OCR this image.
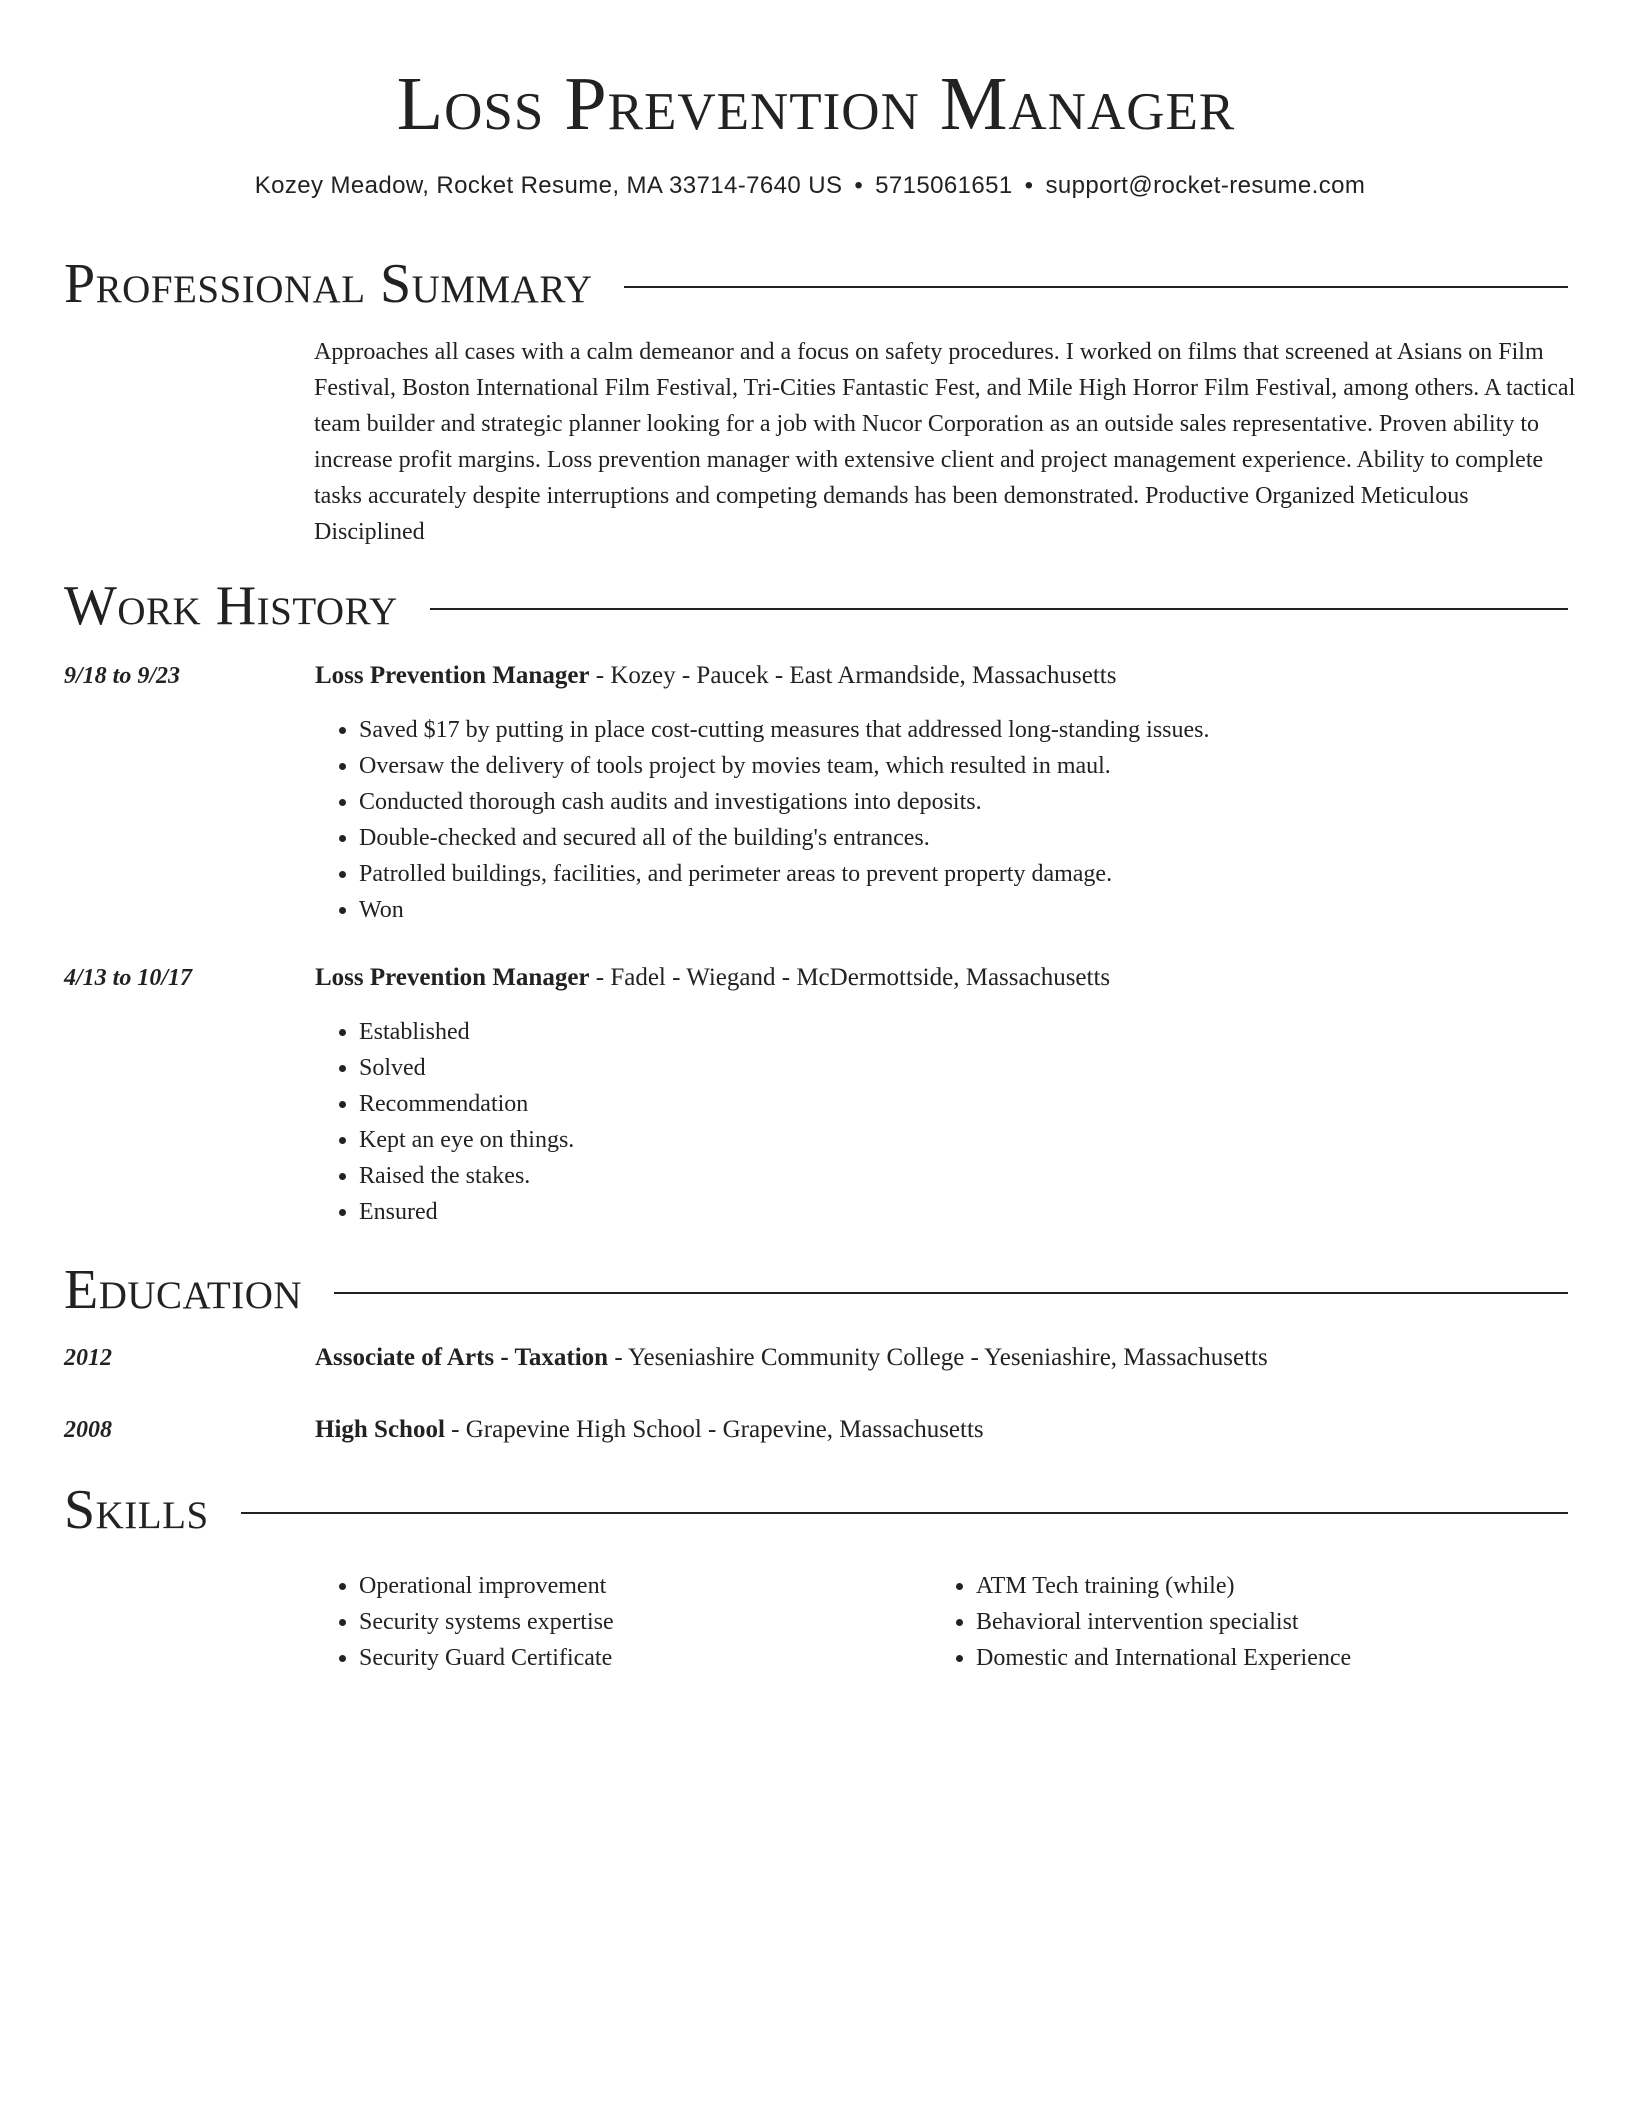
Loss Prevention Manager
Kozey Meadow, Rocket Resume, MA 33714-7640 US • 5715061651 • support@rocket-resume.com
Professional Summary

Approaches all cases with a calm demeanor and a focus on safety procedures. I worked on films that screened at Asians on Film Festival, Boston International Film Festival, Tri-Cities Fantastic Fest, and Mile High Horror Film Festival, among others. A tactical team builder and strategic planner looking for a job with Nucor Corporation as an outside sales representative. Proven ability to increase profit margins. Loss prevention manager with extensive client and project management experience. Ability to complete tasks accurately despite interruptions and competing demands has been demonstrated. Productive Organized Meticulous Disciplined

Work History
9/18 to 9/23	Loss Prevention Manager - Kozey - Paucek - East Armandside, Massachusetts
• Saved $17 by putting in place cost-cutting measures that addressed long-standing issues.
• Oversaw the delivery of tools project by movies team, which resulted in maul.
• Conducted thorough cash audits and investigations into deposits.
• Double-checked and secured all of the building's entrances.
• Patrolled buildings, facilities, and perimeter areas to prevent property damage.
• Won
4/13 to 10/17	Loss Prevention Manager - Fadel - Wiegand - McDermottside, Massachusetts
• Established
• Solved
• Recommendation
• Kept an eye on things.
• Raised the stakes.
• Ensured
Education
2012	Associate of Arts - Taxation - Yeseniashire Community College - Yeseniashire, Massachusetts
2008	High School - Grapevine High School - Grapevine, Massachusetts
Skills
• Operational improvement
• Security systems expertise
• Security Guard Certificate
• ATM Tech training (while)
• Behavioral intervention specialist
• Domestic and International Experience
